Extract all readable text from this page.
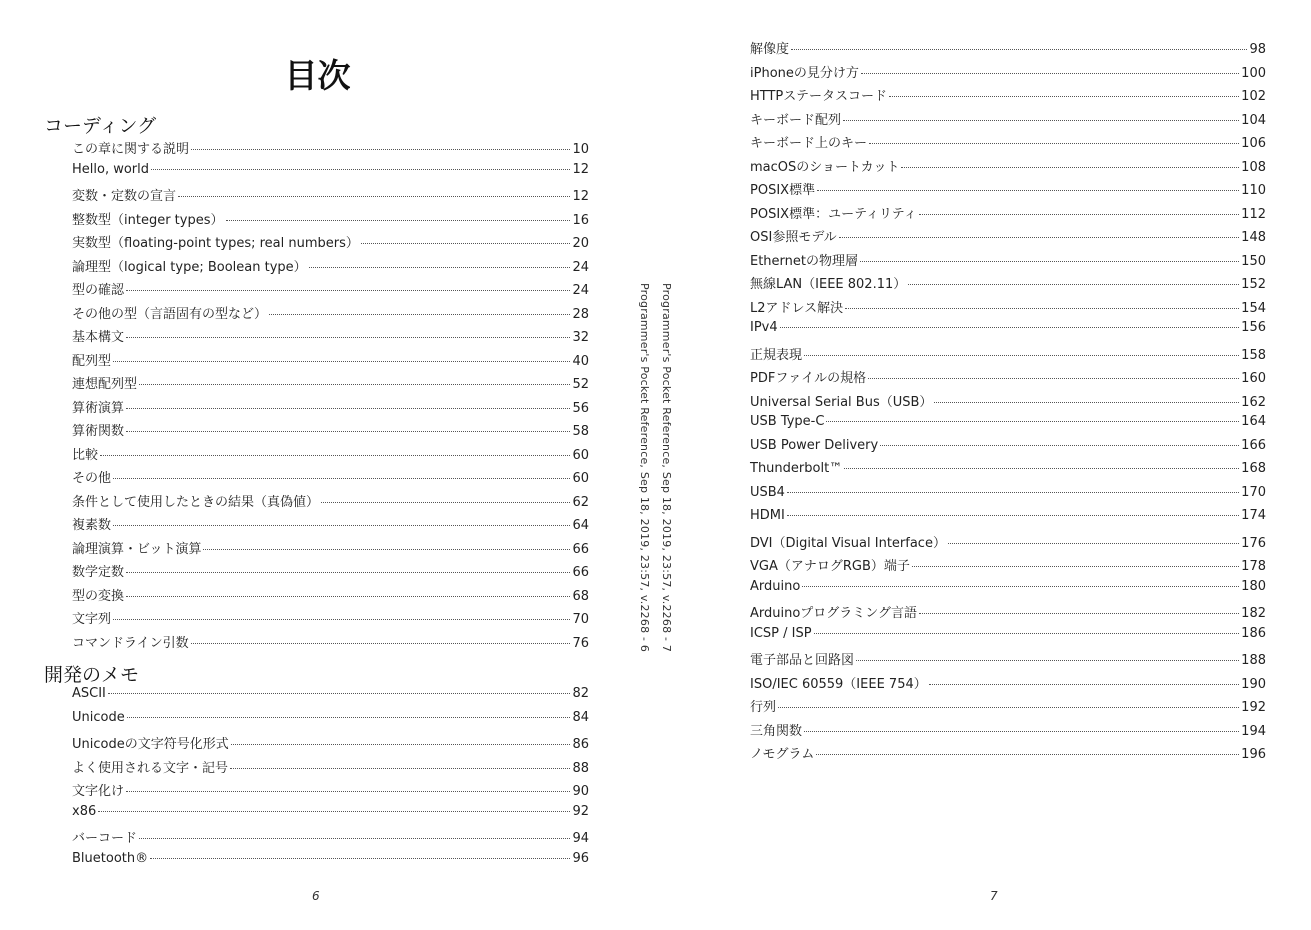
目次
コーディング
この章に関する説明	10
Hello, world	12
変数・定数の宣言	12
整数型（integer types）	16
実数型（floating-point types; real numbers）	20
論理型（logical type; Boolean type）	24
型の確認	24
その他の型（言語固有の型など）	28
基本構文	32
配列型	40
連想配列型	52
算術演算	56
算術関数	58
比較	60
その他	60
条件として使用したときの結果（真偽値）	62
複素数	64
論理演算・ビット演算	66
数学定数	66
型の変換	68
文字列	70
コマンドライン引数	76
開発のメモ
ASCII	82
Unicode	84
Unicodeの文字符号化形式	86
よく使用される文字・記号	88
文字化け	90
x86	92
バーコード	94
Bluetooth®	96
6
Programmer's Pocket Reference, Sep 18, 2019, 23:57, v.2268 - 7
Programmer's Pocket Reference, Sep 18, 2019, 23:57, v.2268 - 6
解像度	98
iPhoneの見分け方	100
HTTPステータスコード	102
キーボード配列	104
キーボード上のキー	106
macOSのショートカット	108
POSIX標準	110
POSIX標準：ユーティリティ	112
OSI参照モデル	148
Ethernetの物理層	150
無線LAN（IEEE 802.11）	152
L2アドレス解決	154
IPv4	156
正規表現	158
PDFファイルの規格	160
Universal Serial Bus（USB）	162
USB Type-C	164
USB Power Delivery	166
Thunderbolt™	168
USB4	170
HDMI	174
DVI（Digital Visual Interface）	176
VGA（アナログRGB）端子	178
Arduino	180
Arduinoプログラミング言語	182
ICSP / ISP	186
電子部品と回路図	188
ISO/IEC 60559（IEEE 754）	190
行列	192
三角関数	194
ノモグラム	196
7
